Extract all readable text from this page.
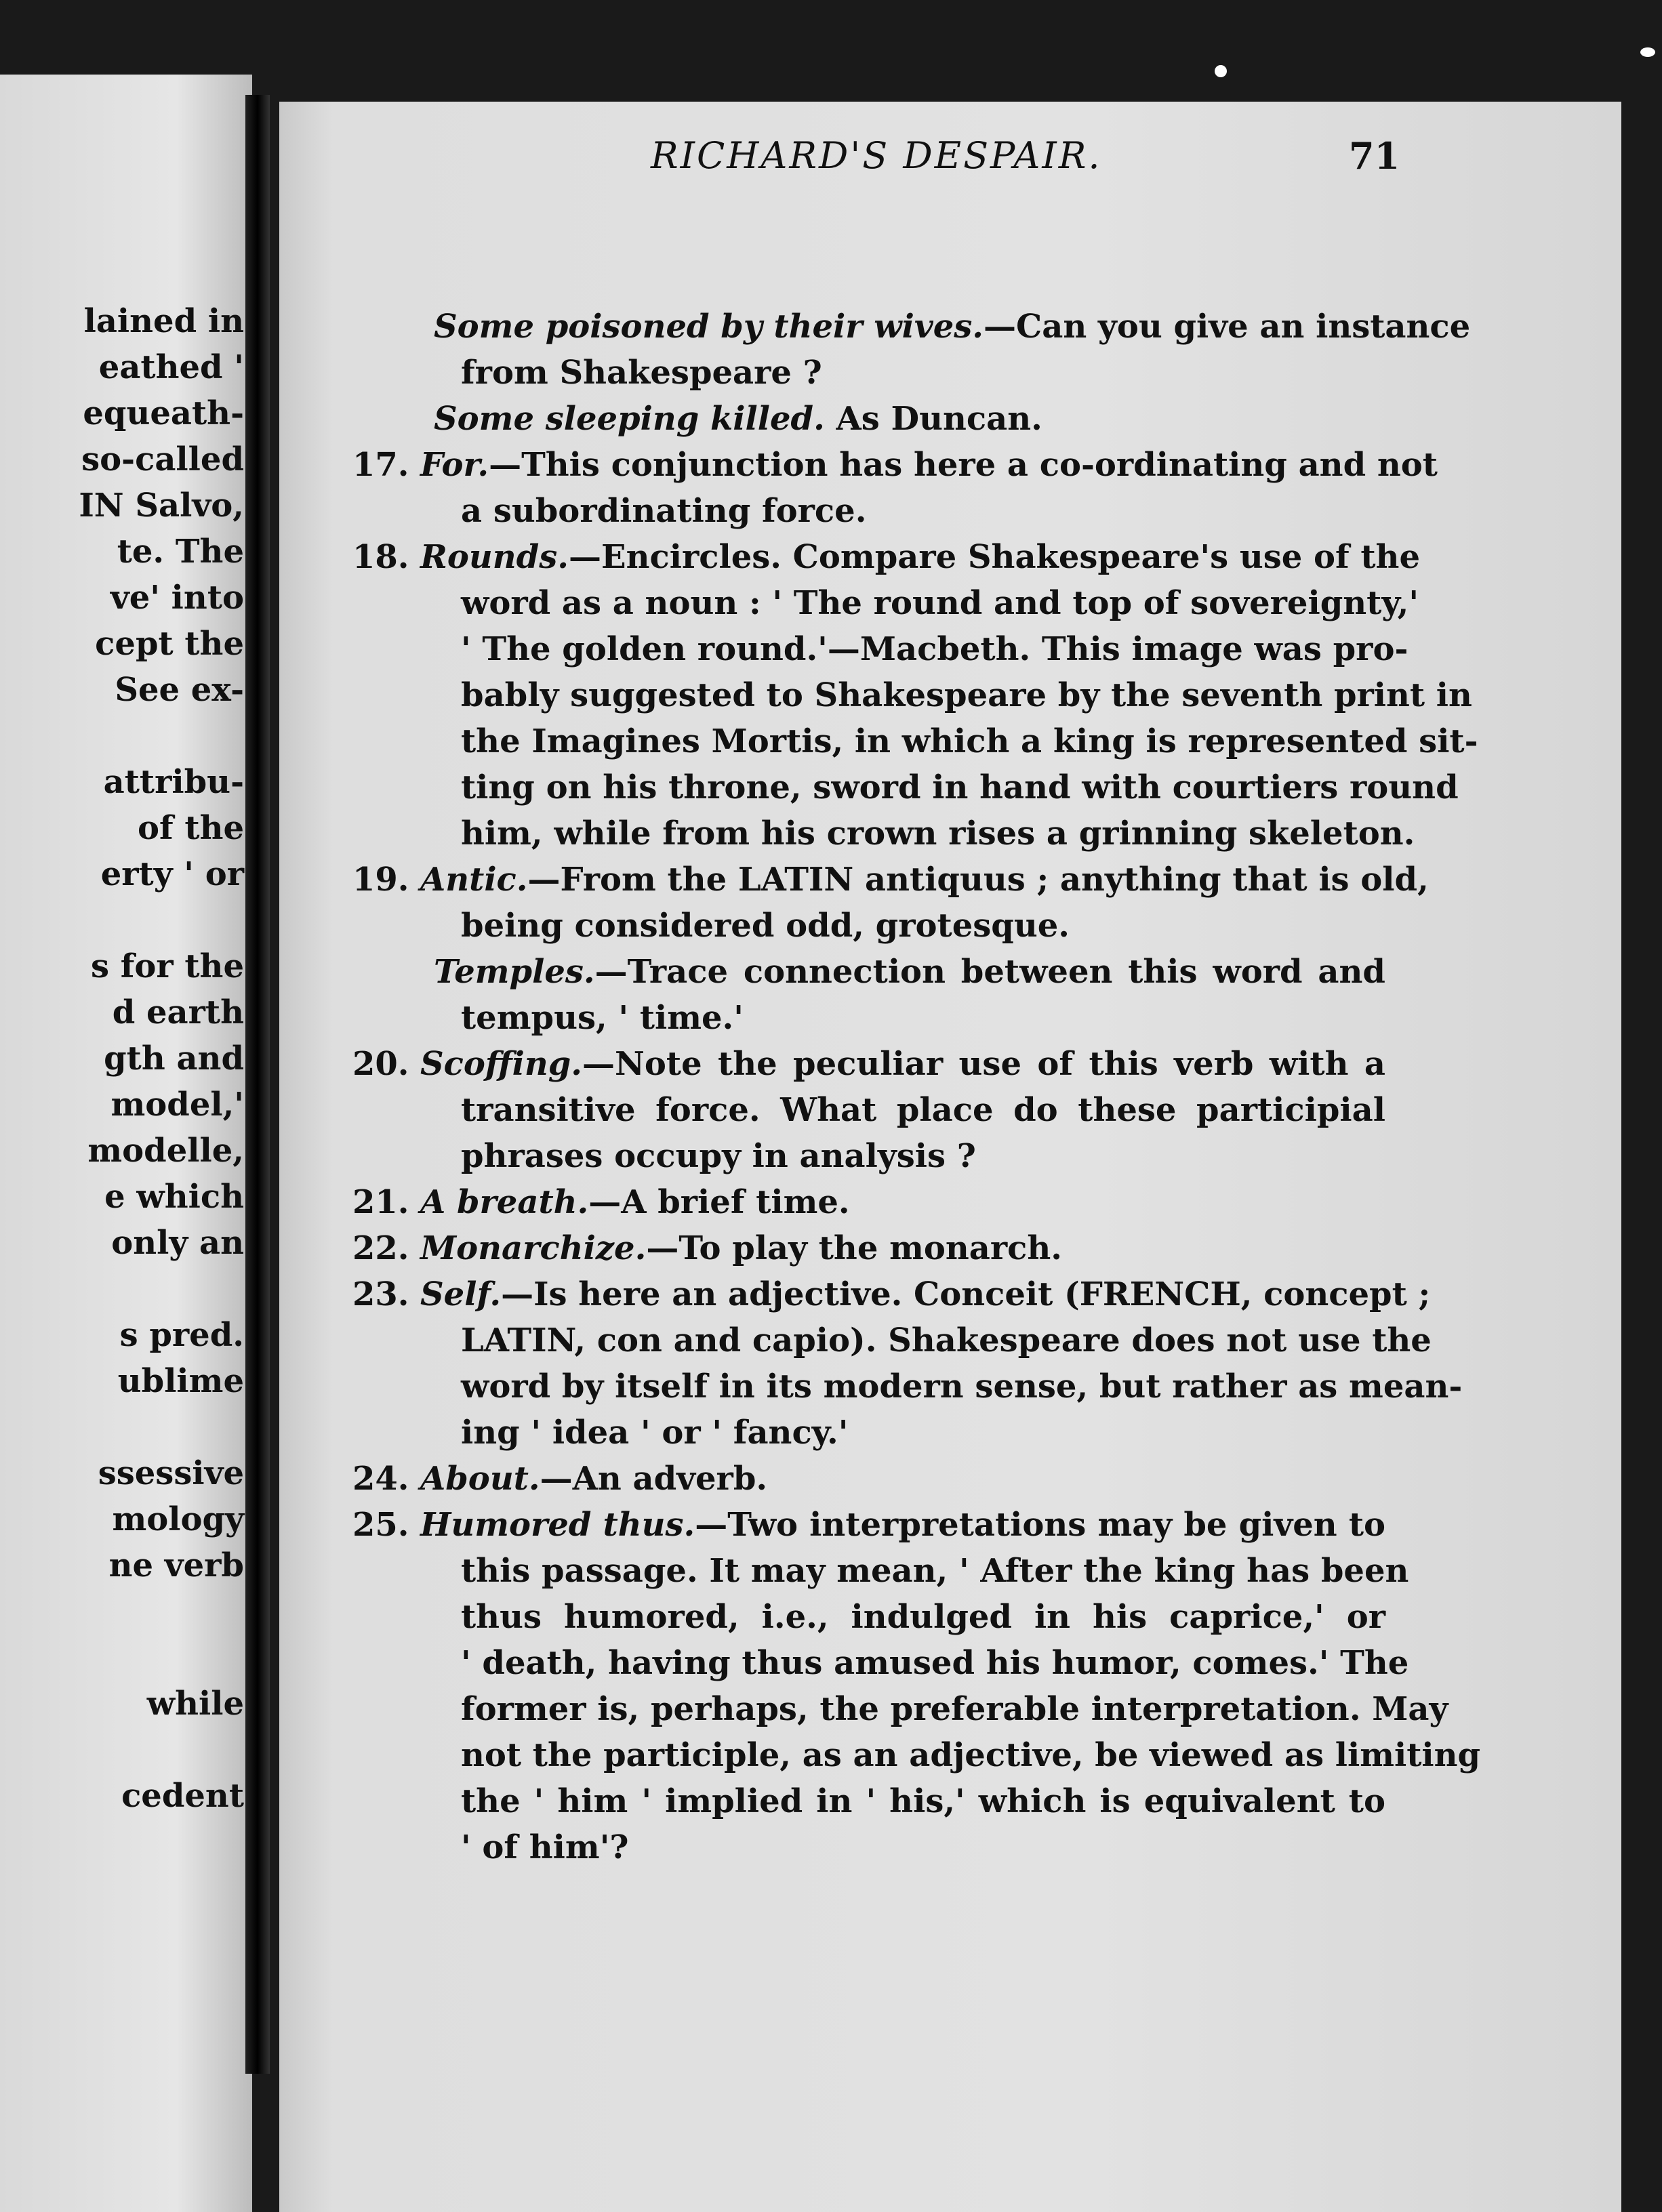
RICHARD'S DESPAIR.	71
Some poisoned by their wives.—Can you give an instance
from Shakespeare ?
Some sleeping killed. As Duncan.
17. For.—This conjunction has here a co-ordinating and not
a subordinating force.
18. Rounds.—Encircles. Compare Shakespeare's use of the
word as a noun : ' The round and top of sovereignty,'
' The golden round.'—Macbeth. This image was pro-
bably suggested to Shakespeare by the seventh print in
the Imagines Mortis, in which a king is represented sit-
ting on his throne, sword in hand with courtiers round
him, while from his crown rises a grinning skeleton.
19. Antic.—From the LATIN antiquus ; anything that is old,
being considered odd, grotesque.
Temples.—Trace connection between this word and
tempus, ' time.'
20. Scoffing.—Note the peculiar use of this verb with a
transitive force. What place do these participial
phrases occupy in analysis ?
21. A breath.—A brief time.
22. Monarchize.—To play the monarch.
23. Self.—Is here an adjective. Conceit (FRENCH, concept ;
LATIN, con and capio). Shakespeare does not use the
word by itself in its modern sense, but rather as mean-
ing ' idea ' or ' fancy.'
24. About.—An adverb.
25. Humored thus.—Two interpretations may be given to
this passage. It may mean, ' After the king has been
thus humored, i.e., indulged in his caprice,' or
' death, having thus amused his humor, comes.' The
former is, perhaps, the preferable interpretation. May
not the participle, as an adjective, be viewed as limiting
the ' him ' implied in ' his,' which is equivalent to
' of him'?
lained in
eathed '
equeath-
so-called
IN Salvo,
te. The
ve' into
cept the
See ex-
attribu-
of the
erty ' or
s for the
d earth
gth and
model,'
modelle,
e which
only an
s pred.
ublime
ssessive
mology
ne verb
while
cedent
